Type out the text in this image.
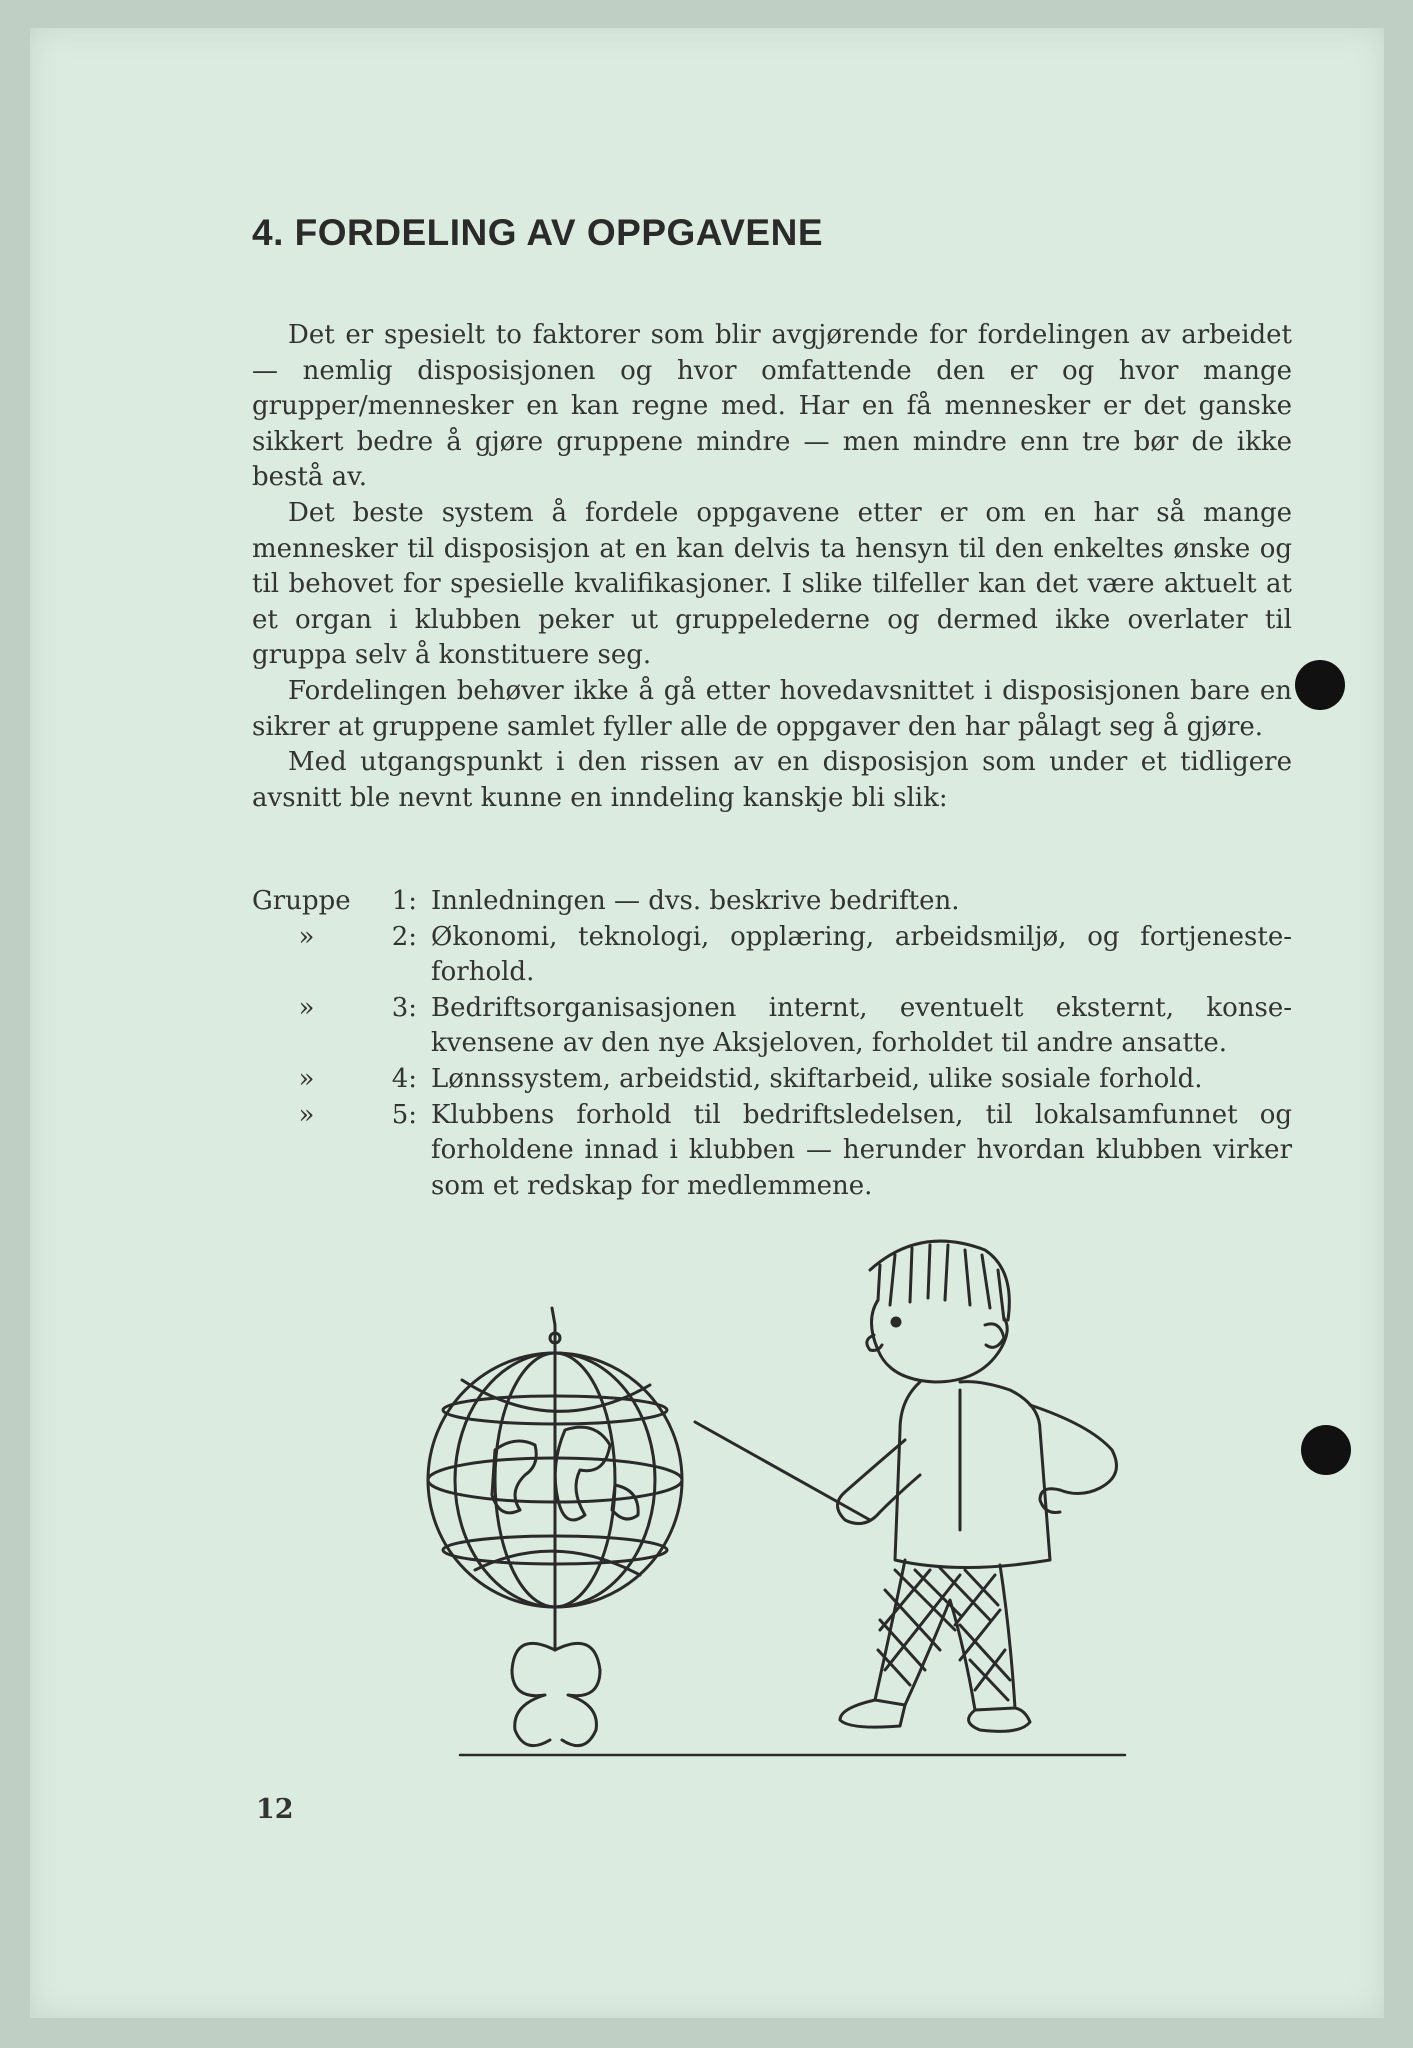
4. FORDELING AV OPPGAVENE

Det er spesielt to faktorer som blir avgjørende for fordelingen av arbeidet — nemlig disposisjonen og hvor omfattende den er og hvor mange grupper/mennesker en kan regne med. Har en få mennesker er det ganske sikkert bedre å gjøre gruppene mindre — men mindre enn tre bør de ikke bestå av.

Det beste system å fordele oppgavene etter er om en har så mange mennesker til disposisjon at en kan delvis ta hensyn til den enkeltes ønske og til behovet for spesielle kvalifikasjoner. I slike tilfeller kan det være aktuelt at et organ i klubben peker ut gruppelederne og dermed ikke overlater til gruppa selv å konstituere seg.

Fordelingen behøver ikke å gå etter hovedavsnittet i disposisjonen bare en sikrer at gruppene samlet fyller alle de oppgaver den har pålagt seg å gjøre.

Med utgangspunkt i den rissen av en disposisjon som under et tidligere avsnitt ble nevnt kunne en inndeling kanskje bli slik:

Gruppe	1: Innledningen — dvs. beskrive bedriften.
»	2: Økonomi, teknologi, opplæring, arbeidsmiljø, og fortjenesteforhold.
»	3: Bedriftsorganisasjonen internt, eventuelt eksternt, konsekvensene av den nye Aksjeloven, forholdet til andre ansatte.
»	4: Lønnssystem, arbeidstid, skiftarbeid, ulike sosiale forhold.
»	5: Klubbens forhold til bedriftsledelsen, til lokalsamfunnet og forholdene innad i klubben — herunder hvordan klubben virker som et redskap for medlemmene.
12
